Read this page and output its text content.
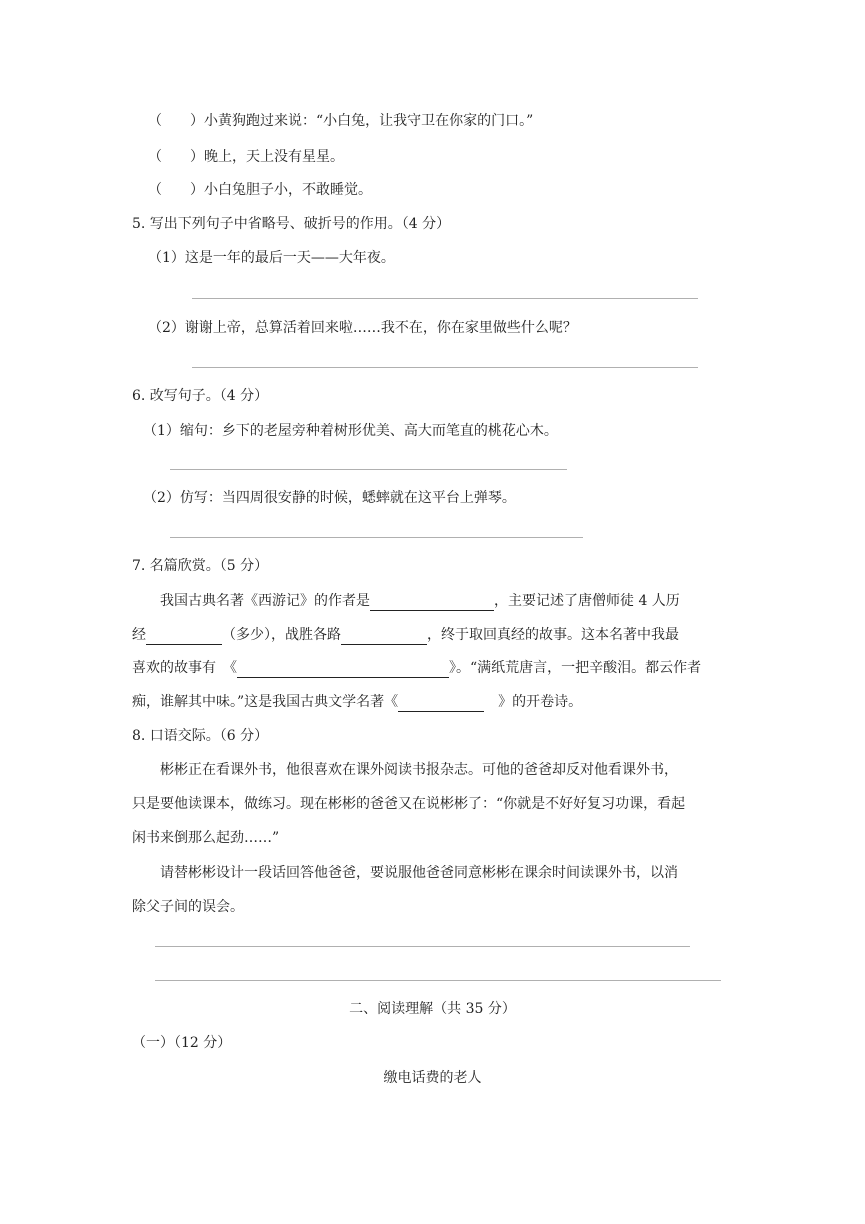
（　　）小黄狗跑过来说：“小白兔，让我守卫在你家的门口。”
（　　）晚上，天上没有星星。
（　　）小白兔胆子小，不敢睡觉。
5. 写出下列句子中省略号、破折号的作用。（4 分）
（1）这是一年的最后一天——大年夜。
（2）谢谢上帝，总算活着回来啦……我不在，你在家里做些什么呢？
6. 改写句子。（4 分）
（1）缩句：乡下的老屋旁种着树形优美、高大而笔直的桃花心木。
（2）仿写：当四周很安静的时候，蟋蟀就在这平台上弹琴。
7. 名篇欣赏。（5 分）
我国古典名著《西游记》的作者是	，主要记述了唐僧师徒 4 人历
经	（多少），战胜各路	，终于取回真经的故事。这本名著中我最
喜欢的故事有　《	》。“满纸荒唐言，一把辛酸泪。都云作者
痴，谁解其中味。”这是我国古典文学名著《	　》的开卷诗。
8. 口语交际。（6 分）
彬彬正在看课外书，他很喜欢在课外阅读书报杂志。可他的爸爸却反对他看课外书，
只是要他读课本，做练习。现在彬彬的爸爸又在说彬彬了：“你就是不好好复习功课，看起
闲书来倒那么起劲……”
请替彬彬设计一段话回答他爸爸，要说服他爸爸同意彬彬在课余时间读课外书，以消
除父子间的误会。
二、阅读理解（共 35 分）
（一）（12 分）
缴电话费的老人
